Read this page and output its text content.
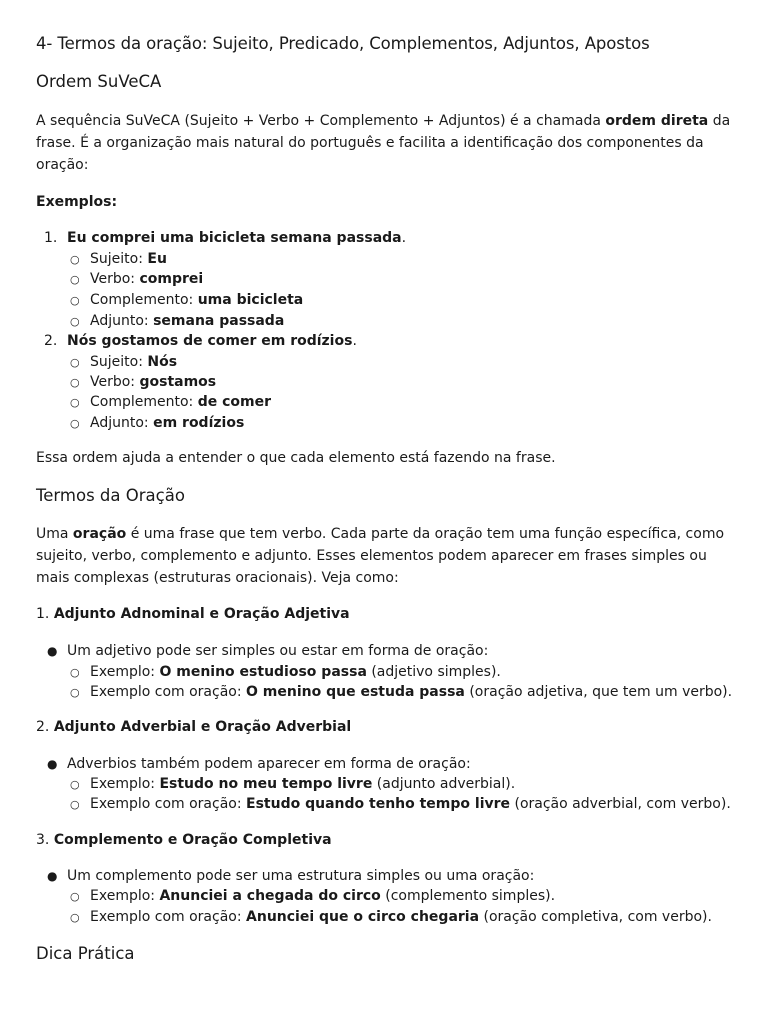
4- Termos da oração: Sujeito, Predicado, Complementos, Adjuntos, Apostos
Ordem SuVeCA

A sequência SuVeCA (Sujeito + Verbo + Complemento + Adjuntos) é a chamada ordem direta da frase. É a organização mais natural do português e facilita a identificação dos componentes da oração:

Exemplos:

1. Eu comprei uma bicicleta semana passada.
○ Sujeito: Eu
○ Verbo: comprei
○ Complemento: uma bicicleta
○ Adjunto: semana passada
2. Nós gostamos de comer em rodízios.
○ Sujeito: Nós
○ Verbo: gostamos
○ Complemento: de comer
○ Adjunto: em rodízios

Essa ordem ajuda a entender o que cada elemento está fazendo na frase.

Termos da Oração

Uma oração é uma frase que tem verbo. Cada parte da oração tem uma função específica, como sujeito, verbo, complemento e adjunto. Esses elementos podem aparecer em frases simples ou mais complexas (estruturas oracionais). Veja como:

1. Adjunto Adnominal e Oração Adjetiva

● Um adjetivo pode ser simples ou estar em forma de oração:
○ Exemplo: O menino estudioso passa (adjetivo simples).
○ Exemplo com oração: O menino que estuda passa (oração adjetiva, que tem um verbo).

2. Adjunto Adverbial e Oração Adverbial

● Adverbios também podem aparecer em forma de oração:
○ Exemplo: Estudo no meu tempo livre (adjunto adverbial).
○ Exemplo com oração: Estudo quando tenho tempo livre (oração adverbial, com verbo).

3. Complemento e Oração Completiva

● Um complemento pode ser uma estrutura simples ou uma oração:
○ Exemplo: Anunciei a chegada do circo (complemento simples).
○ Exemplo com oração: Anunciei que o circo chegaria (oração completiva, com verbo).
Dica Prática
